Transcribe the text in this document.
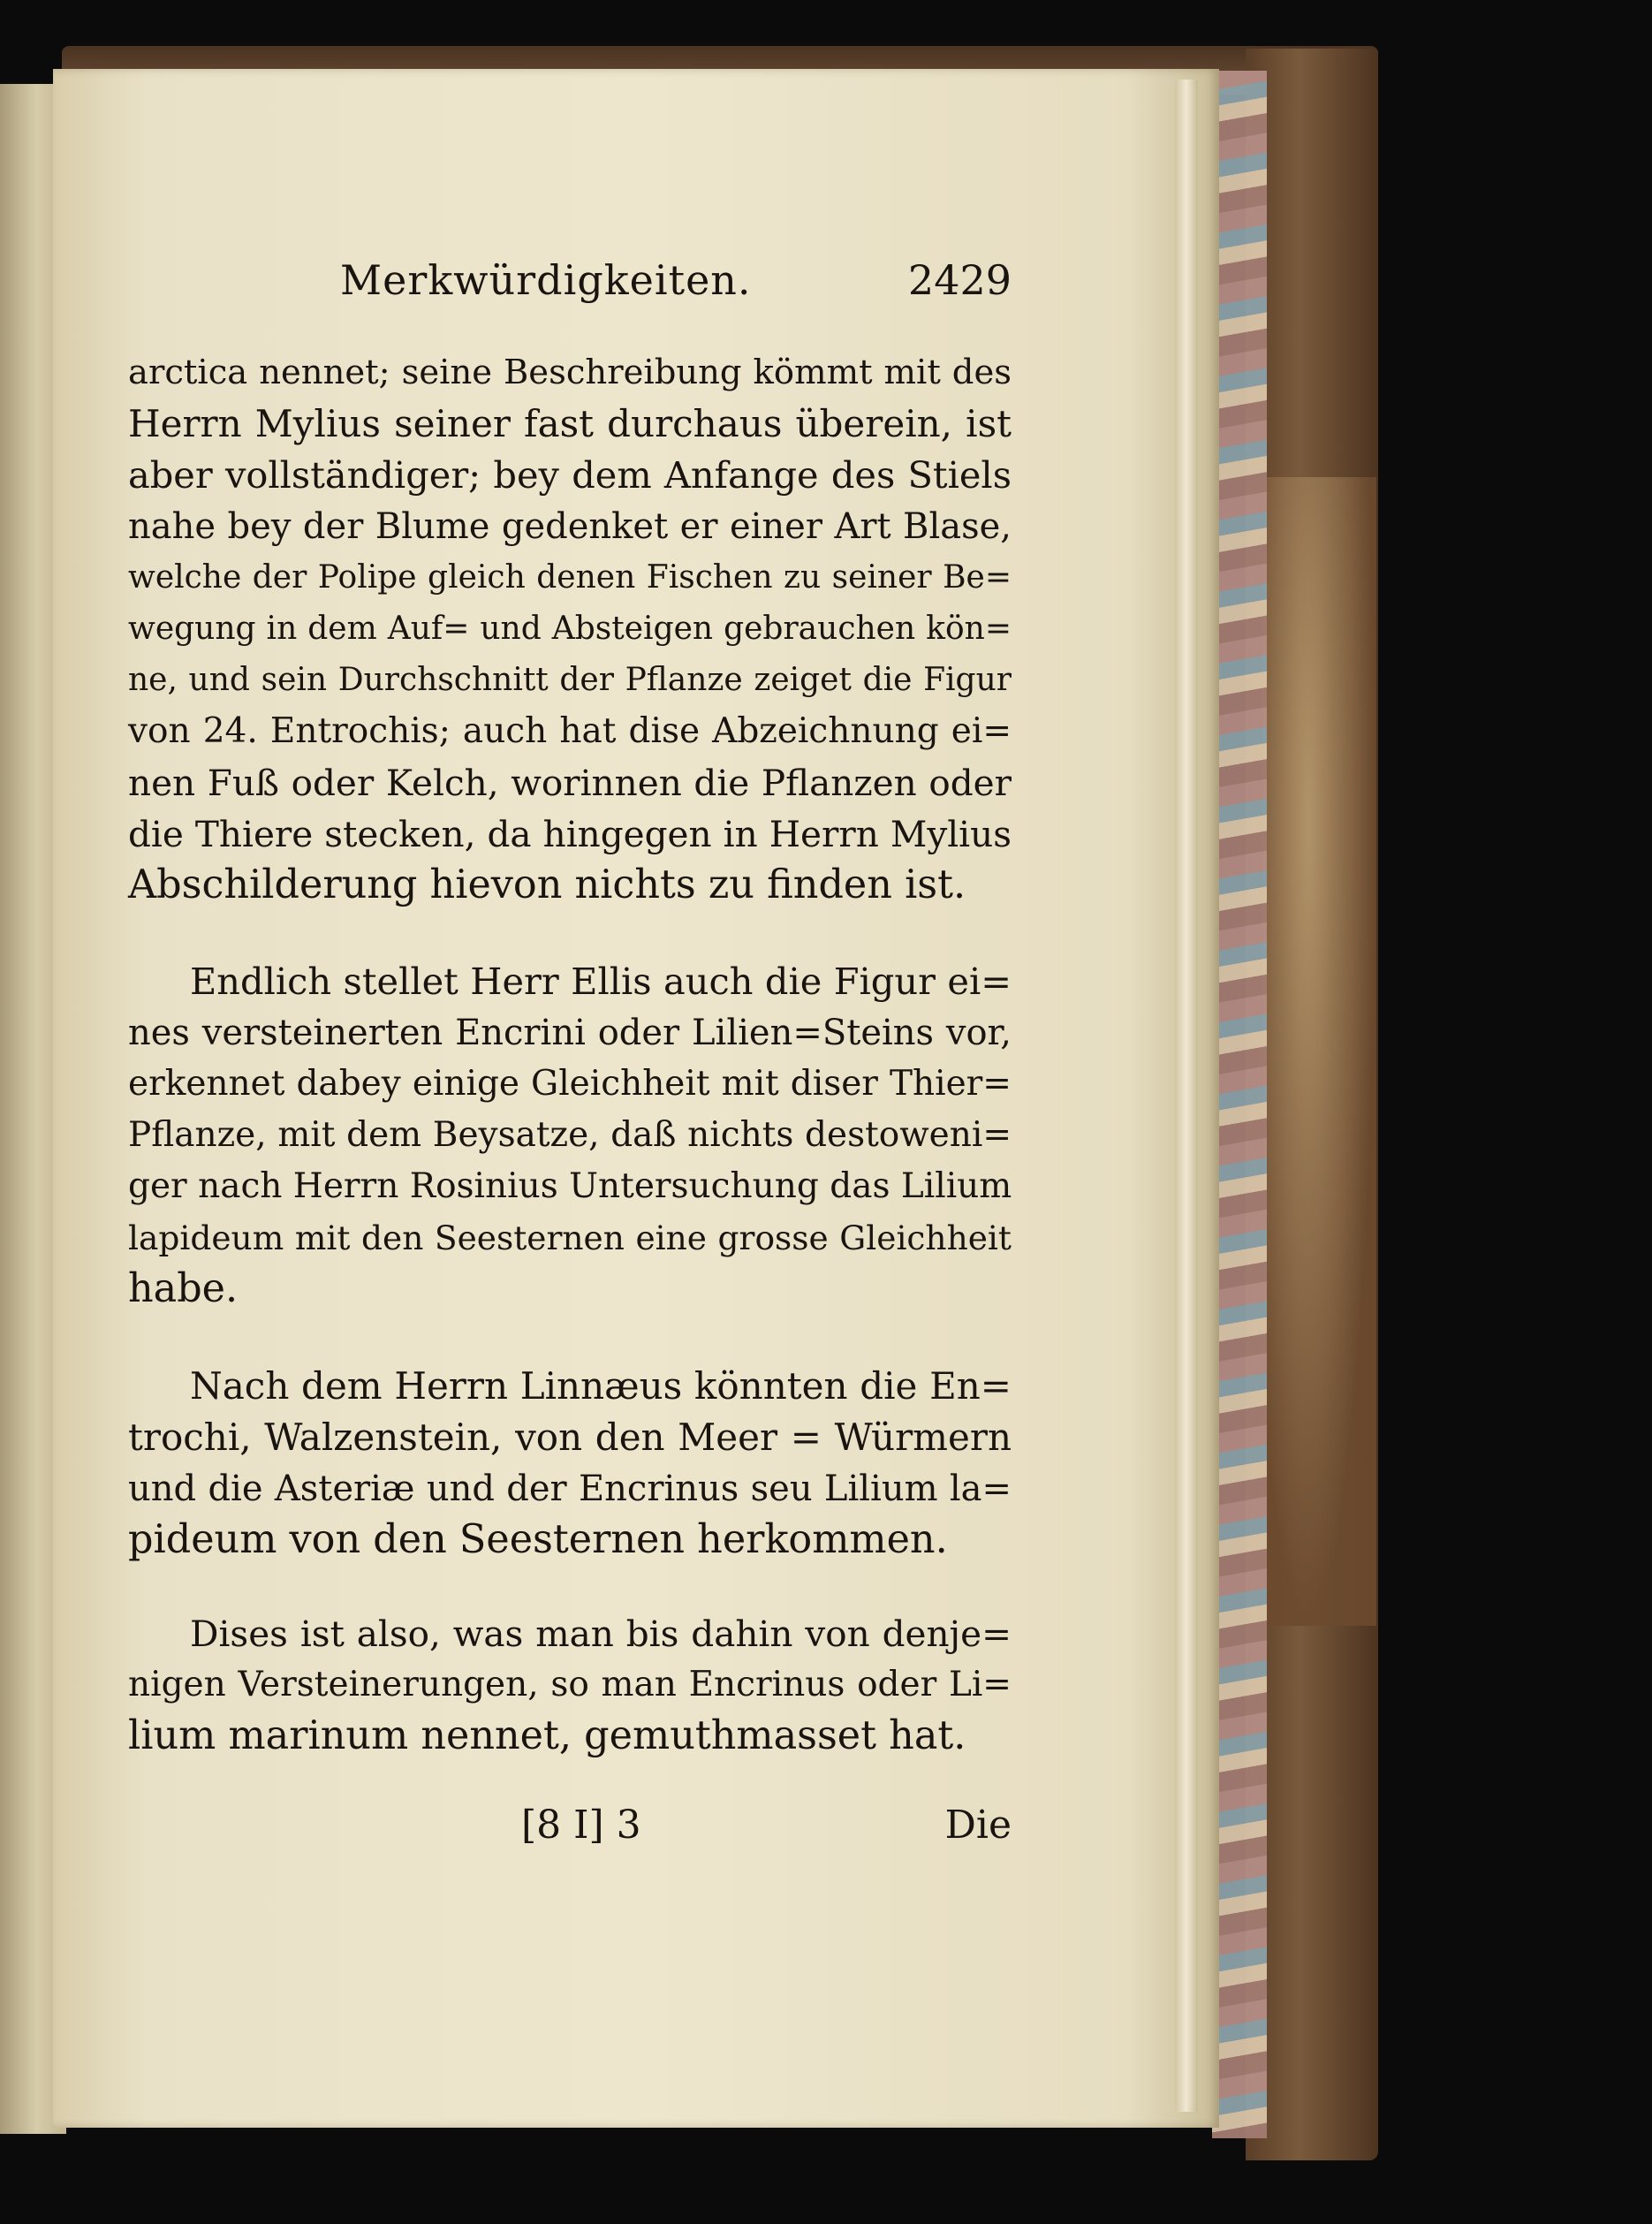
Merkwürdigkeiten.	2429
arctica nennet; seine Beschreibung kömmt mit des
Herrn Mylius seiner fast durchaus überein, ist
aber vollständiger; bey dem Anfange des Stiels
nahe bey der Blume gedenket er einer Art Blase,
welche der Polipe gleich denen Fischen zu seiner Be=
wegung in dem Auf= und Absteigen gebrauchen kön=
ne, und sein Durchschnitt der Pflanze zeiget die Figur
von 24. Entrochis; auch hat dise Abzeichnung ei=
nen Fuß oder Kelch, worinnen die Pflanzen oder
die Thiere stecken, da hingegen in Herrn Mylius
Abschilderung hievon nichts zu finden ist.
Endlich stellet Herr Ellis auch die Figur ei=
nes versteinerten Encrini oder Lilien=Steins vor,
erkennet dabey einige Gleichheit mit diser Thier=
Pflanze, mit dem Beysatze, daß nichts destoweni=
ger nach Herrn Rosinius Untersuchung das Lilium
lapideum mit den Seesternen eine grosse Gleichheit
habe.
Nach dem Herrn Linnæus könnten die En=
trochi, Walzenstein, von den Meer = Würmern
und die Asteriæ und der Encrinus seu Lilium la=
pideum von den Seesternen herkommen.
Dises ist also, was man bis dahin von denje=
nigen Versteinerungen, so man Encrinus oder Li=
lium marinum nennet, gemuthmasset hat.
[8 I] 3	Die
